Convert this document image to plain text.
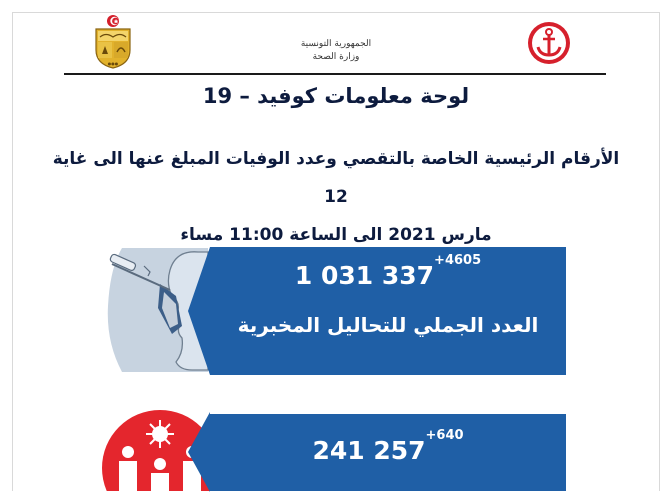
●●●
الجمهورية التونسية
وزارة الصحة
لوحة معلومات كوفيد – 19
الأرقام الرئيسية الخاصة بالتقصي وعدد الوفيات المبلغ عنها الى غاية 12
مارس 2021 الى الساعة 11:00 مساء
1 031 $337^{+4605}$
العدد الجملي للتحاليل المخبرية
241 $257^{+640}$
